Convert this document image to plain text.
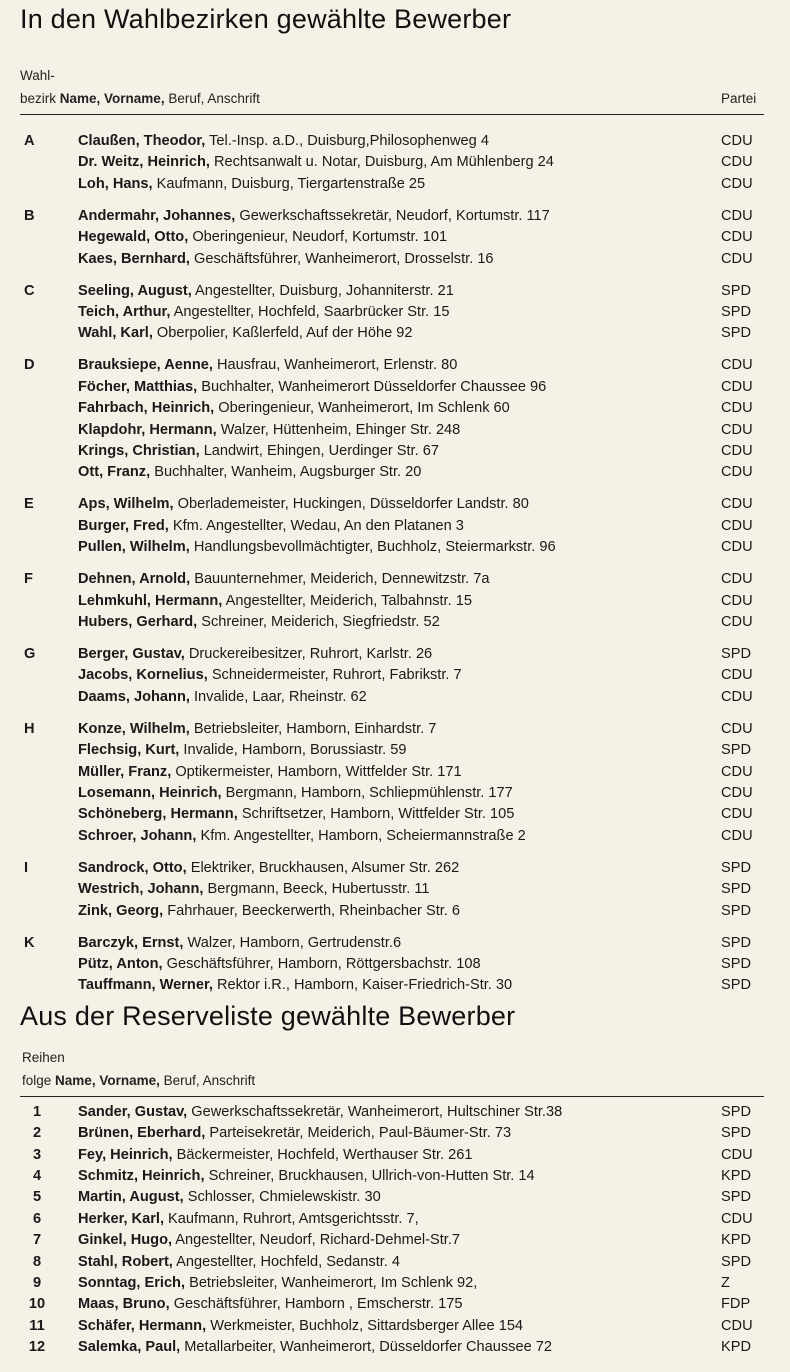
In den Wahlbezirken gewählte Bewerber
Wahl-
bezirk Name, Vorname, Beruf, Anschrift	Partei
A	Claußen, Theodor, Tel.-Insp. a.D., Duisburg,Philosophenweg 4	CDU
Dr. Weitz, Heinrich, Rechtsanwalt u. Notar, Duisburg, Am Mühlenberg 24	CDU
Loh, Hans, Kaufmann, Duisburg, Tiergartenstraße 25	CDU
B	Andermahr, Johannes, Gewerkschaftssekretär, Neudorf, Kortumstr. 117	CDU
Hegewald, Otto, Oberingenieur, Neudorf, Kortumstr. 101	CDU
Kaes, Bernhard, Geschäftsführer, Wanheimerort, Drosselstr. 16	CDU
C	Seeling, August, Angestellter, Duisburg, Johanniterstr. 21	SPD
Teich, Arthur, Angestellter, Hochfeld, Saarbrücker Str. 15	SPD
Wahl, Karl, Oberpolier, Kaßlerfeld, Auf der Höhe 92	SPD
D	Brauksiepe, Aenne, Hausfrau, Wanheimerort, Erlenstr. 80	CDU
Föcher, Matthias, Buchhalter, Wanheimerort Düsseldorfer Chaussee 96	CDU
Fahrbach, Heinrich, Oberingenieur, Wanheimerort, Im Schlenk 60	CDU
Klapdohr, Hermann, Walzer, Hüttenheim, Ehinger Str. 248	CDU
Krings, Christian, Landwirt, Ehingen, Uerdinger Str. 67	CDU
Ott, Franz, Buchhalter, Wanheim, Augsburger Str. 20	CDU
E	Aps, Wilhelm, Oberlademeister, Huckingen, Düsseldorfer Landstr. 80	CDU
Burger, Fred, Kfm. Angestellter, Wedau, An den Platanen 3	CDU
Pullen, Wilhelm, Handlungsbevollmächtigter, Buchholz, Steiermarkstr. 96	CDU
F	Dehnen, Arnold, Bauunternehmer, Meiderich, Dennewitzstr. 7a	CDU
Lehmkuhl, Hermann, Angestellter, Meiderich, Talbahnstr. 15	CDU
Hubers, Gerhard, Schreiner, Meiderich, Siegfriedstr. 52	CDU
G	Berger, Gustav, Druckereibesitzer, Ruhrort, Karlstr. 26	SPD
Jacobs, Kornelius, Schneidermeister, Ruhrort, Fabrikstr. 7	CDU
Daams, Johann, Invalide, Laar, Rheinstr. 62	CDU
H	Konze, Wilhelm, Betriebsleiter, Hamborn, Einhardstr. 7	CDU
Flechsig, Kurt, Invalide, Hamborn, Borussiastr. 59	SPD
Müller, Franz, Optikermeister, Hamborn, Wittfelder Str. 171	CDU
Losemann, Heinrich, Bergmann, Hamborn, Schliepmühlenstr. 177	CDU
Schöneberg, Hermann, Schriftsetzer, Hamborn, Wittfelder Str. 105	CDU
Schroer, Johann, Kfm. Angestellter, Hamborn, Scheiermannstraße 2	CDU
I	Sandrock, Otto, Elektriker, Bruckhausen, Alsumer Str. 262	SPD
Westrich, Johann, Bergmann, Beeck, Hubertusstr. 11	SPD
Zink, Georg, Fahrhauer, Beeckerwerth, Rheinbacher Str. 6	SPD
K	Barczyk, Ernst, Walzer, Hamborn, Gertrudenstr.6	SPD
Pütz, Anton, Geschäftsführer, Hamborn, Röttgersbachstr. 108	SPD
Tauffmann, Werner, Rektor i.R., Hamborn, Kaiser-Friedrich-Str. 30	SPD
Aus der Reserveliste gewählte Bewerber
Reihen
folge Name, Vorname, Beruf, Anschrift
1	Sander, Gustav, Gewerkschaftssekretär, Wanheimerort, Hultschiner Str.38	SPD
2	Brünen, Eberhard, Parteisekretär, Meiderich, Paul-Bäumer-Str. 73	SPD
3	Fey, Heinrich, Bäckermeister, Hochfeld, Werthauser Str. 261	CDU
4	Schmitz, Heinrich, Schreiner, Bruckhausen, Ullrich-von-Hutten Str. 14	KPD
5	Martin, August, Schlosser, Chmielewskistr. 30	SPD
6	Herker, Karl, Kaufmann, Ruhrort, Amtsgerichtsstr. 7,	CDU
7	Ginkel, Hugo, Angestellter, Neudorf, Richard-Dehmel-Str.7	KPD
8	Stahl, Robert, Angestellter, Hochfeld, Sedanstr. 4	SPD
9	Sonntag, Erich, Betriebsleiter, Wanheimerort, Im Schlenk 92,	Z
10	Maas, Bruno, Geschäftsführer, Hamborn , Emscherstr. 175	FDP
11	Schäfer, Hermann, Werkmeister, Buchholz, Sittardsberger Allee 154	CDU
12	Salemka, Paul, Metallarbeiter, Wanheimerort, Düsseldorfer Chaussee 72	KPD
